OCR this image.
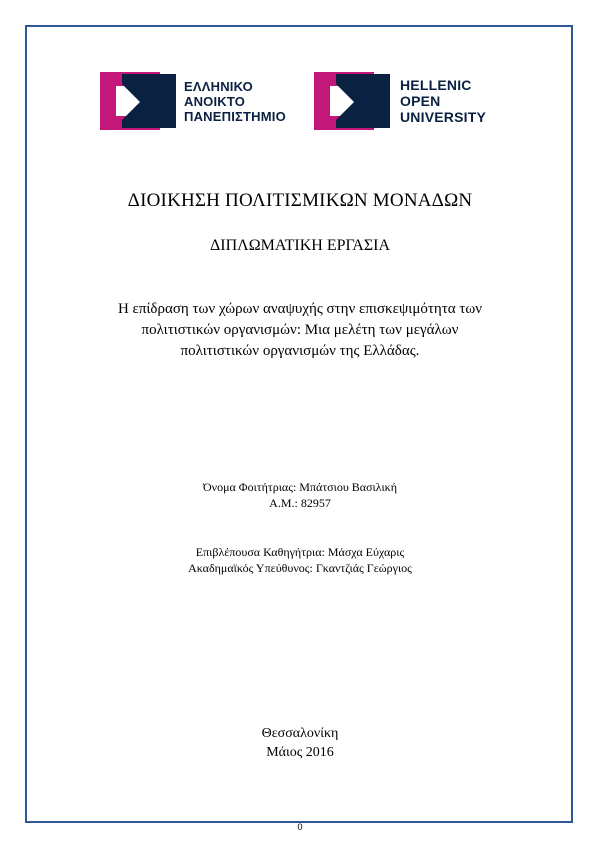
ΕΛΛΗΝΙΚΟ
ΑΝΟΙΚΤΟ
ΠΑΝΕΠΙΣΤΗΜΙΟ
HELLENIC
OPEN
UNIVERSITY
ΔΙΟΙΚΗΣΗ ΠΟΛΙΤΙΣΜΙΚΩΝ ΜΟΝΑΔΩΝ
ΔΙΠΛΩΜΑΤΙΚΗ ΕΡΓΑΣΙΑ
Η επίδραση των χώρων αναψυχής στην επισκεψιμότητα των
πολιτιστικών οργανισμών: Μια μελέτη των μεγάλων
πολιτιστικών οργανισμών της Ελλάδας.
Όνομα Φοιτήτριας: Μπάτσιου Βασιλική
Α.Μ.: 82957
Επιβλέπουσα Καθηγήτρια: Μάσχα Εύχαρις
Ακαδημαϊκός Υπεύθυνος: Γκαντζιάς Γεώργιος
Θεσσαλονίκη
Μάιος 2016
0
